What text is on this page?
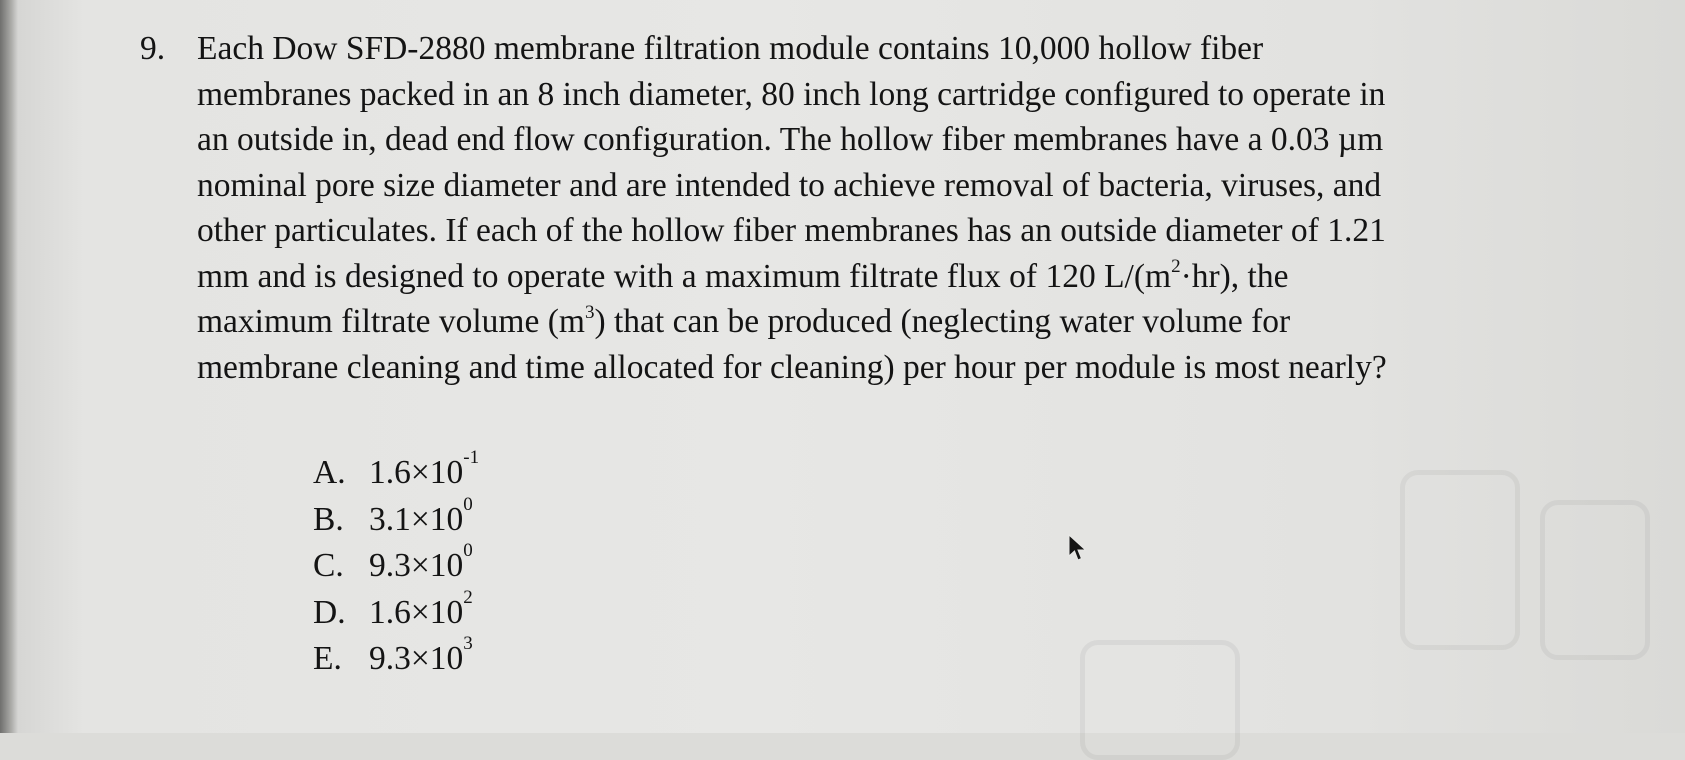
9. Each Dow SFD-2880 membrane filtration module contains 10,000 hollow fiber
membranes packed in an 8 inch diameter, 80 inch long cartridge configured to operate in
an outside in, dead end flow configuration. The hollow fiber membranes have a 0.03 µm
nominal pore size diameter and are intended to achieve removal of bacteria, viruses, and
other particulates. If each of the hollow fiber membranes has an outside diameter of 1.21
mm and is designed to operate with a maximum filtrate flux of 120 $L/(m^2\cdot hr)$, the
maximum filtrate volume $(m^3)$ that can be produced (neglecting water volume for
membrane cleaning and time allocated for cleaning) per hour per module is most nearly?
A. 1.6×10 -1
B. 3.1×10 0
C. 9.3×10 0
D. 1.6×10 2
E. 9.3×10 3
